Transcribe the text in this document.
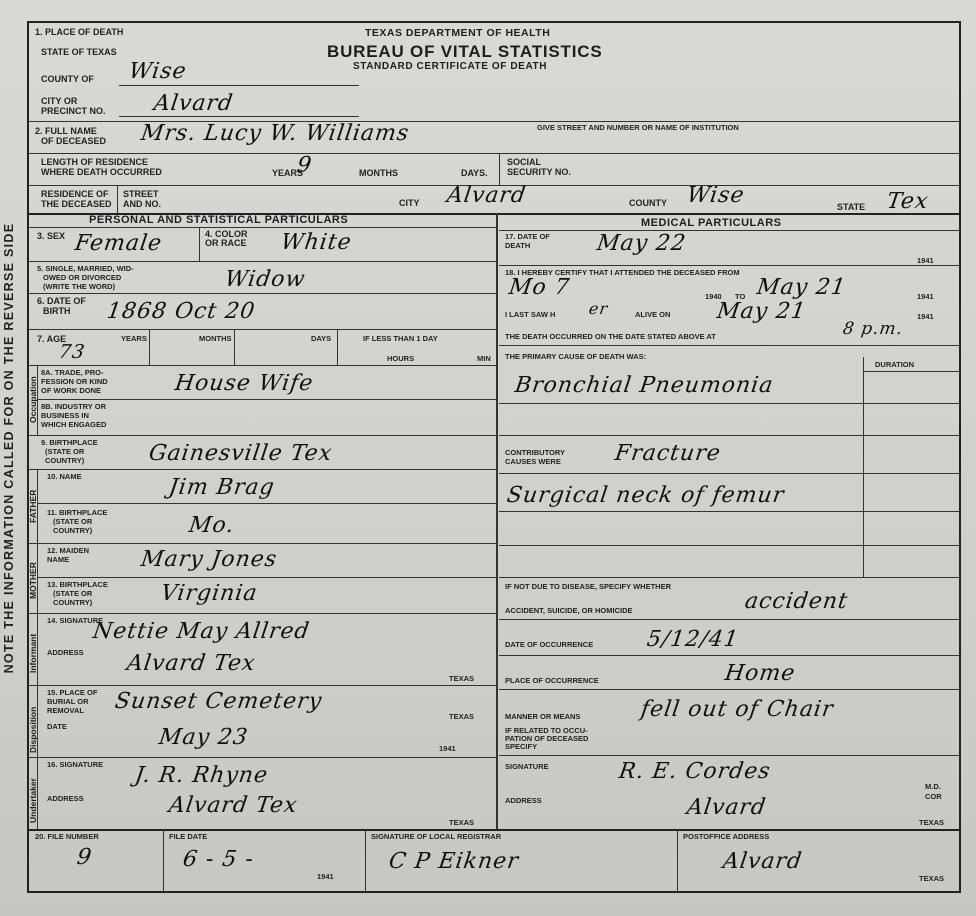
NOTE THE INFORMATION CALLED FOR ON THE REVERSE SIDE
TEXAS DEPARTMENT OF HEALTH
BUREAU OF VITAL STATISTICS
STANDARD CERTIFICATE OF DEATH
1. PLACE OF DEATH
STATE OF TEXAS
COUNTY OF Wise
CITY OR
PRECINCT NO. Alvard
2. FULL NAME
OF DECEASED Mrs. Lucy W. Williams	GIVE STREET AND NUMBER OR NAME OF INSTITUTION
LENGTH OF RESIDENCE
WHERE DEATH OCCURRED	9
YEARS	MONTHS	DAYS.
SOCIAL
SECURITY NO.
RESIDENCE OF
THE DECEASED
STREET
AND NO.	CITY Alvard	COUNTY Wise	STATE Tex
PERSONAL AND STATISTICAL PARTICULARS	MEDICAL PARTICULARS
3. SEX Female	4. COLOR
OR RACE White
5. SINGLE, MARRIED, WID-
OWED OR DIVORCED
(WRITE THE WORD)	Widow
6. DATE OF
BIRTH 1868 Oct 20
7. AGE
73
YEARS	MONTHS	DAYS	IF LESS THAN 1 DAY
HOURS	MIN
Occupation
8A. TRADE, PRO-
FESSION OR KIND
OF WORK DONE	House Wife
8B. INDUSTRY OR
BUSINESS IN
WHICH ENGAGED
9. BIRTHPLACE
(STATE OR
COUNTRY)	Gainesville Tex
FATHER
10. NAME	Jim Brag
11. BIRTHPLACE
(STATE OR
COUNTRY)	Mo.
MOTHER
12. MAIDEN
NAME	Mary Jones
13. BIRTHPLACE
(STATE OR
COUNTRY)	Virginia
Informant
14. SIGNATURE
Nettie May Allred
ADDRESS Alvard Tex
TEXAS
Disposition
15. PLACE OF
BURIAL OR
REMOVAL Sunset Cemetery
TEXAS
DATE	May 23	1941
Undertaker
16. SIGNATURE J. R. Rhyne
ADDRESS	Alvard Tex
TEXAS
17. DATE OF
DEATH	May 22
1941
18. I HEREBY CERTIFY THAT I ATTENDED THE DECEASED FROM
Mo 7	1940 TO May 21	1941
I LAST SAW H er	ALIVE ON May 21	1941
THE DEATH OCCURRED ON THE DATE STATED ABOVE AT	8 p.m.
THE PRIMARY CAUSE OF DEATH WAS:
DURATION
Bronchial Pneumonia
CONTRIBUTORY
CAUSES WERE Fracture
Surgical neck of femur
IF NOT DUE TO DISEASE, SPECIFY WHETHER
ACCIDENT, SUICIDE, OR HOMICIDE	accident
DATE OF OCCURRENCE 5/12/41
PLACE OF OCCURRENCE	Home
MANNER OR MEANS	fell out of Chair
IF RELATED TO OCCU-
PATION OF DECEASED
SPECIFY
SIGNATURE	R. E. Cordes
M.D.
COR
ADDRESS	Alvard
TEXAS
20. FILE NUMBER
9
FILE DATE
6 - 5 -
1941
SIGNATURE OF LOCAL REGISTRAR
C P Eikner
POSTOFFICE ADDRESS
Alvard
TEXAS
